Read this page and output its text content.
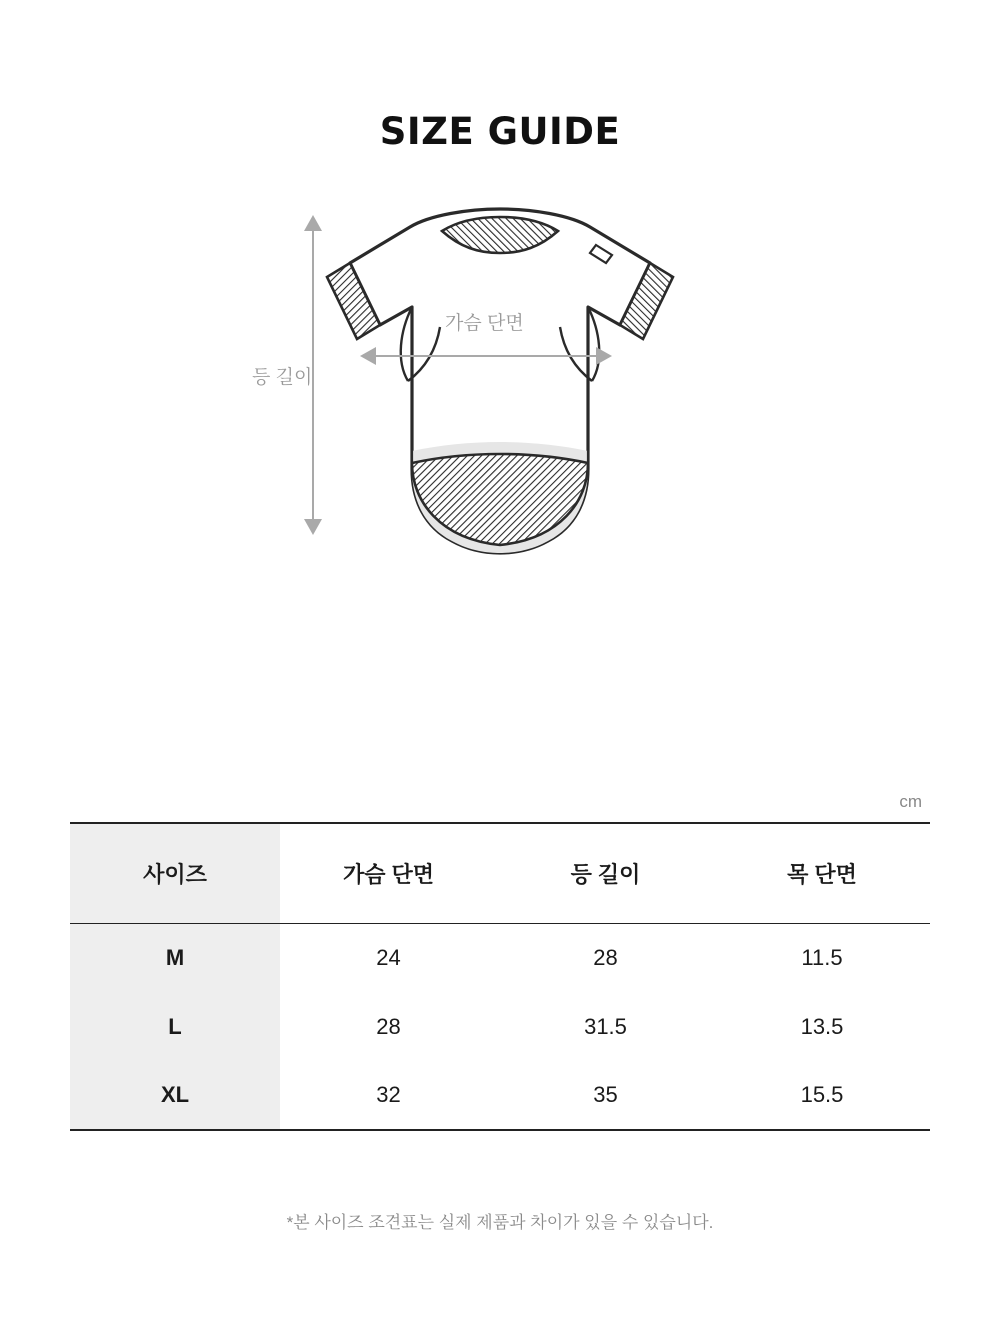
SIZE GUIDE
등 길이
가슴 단면
cm
사이즈	가슴 단면	등 길이	목 단면
M	24	28	11.5
L	28	31.5	13.5
XL	32	35	15.5
*본 사이즈 조견표는 실제 제품과 차이가 있을 수 있습니다.
